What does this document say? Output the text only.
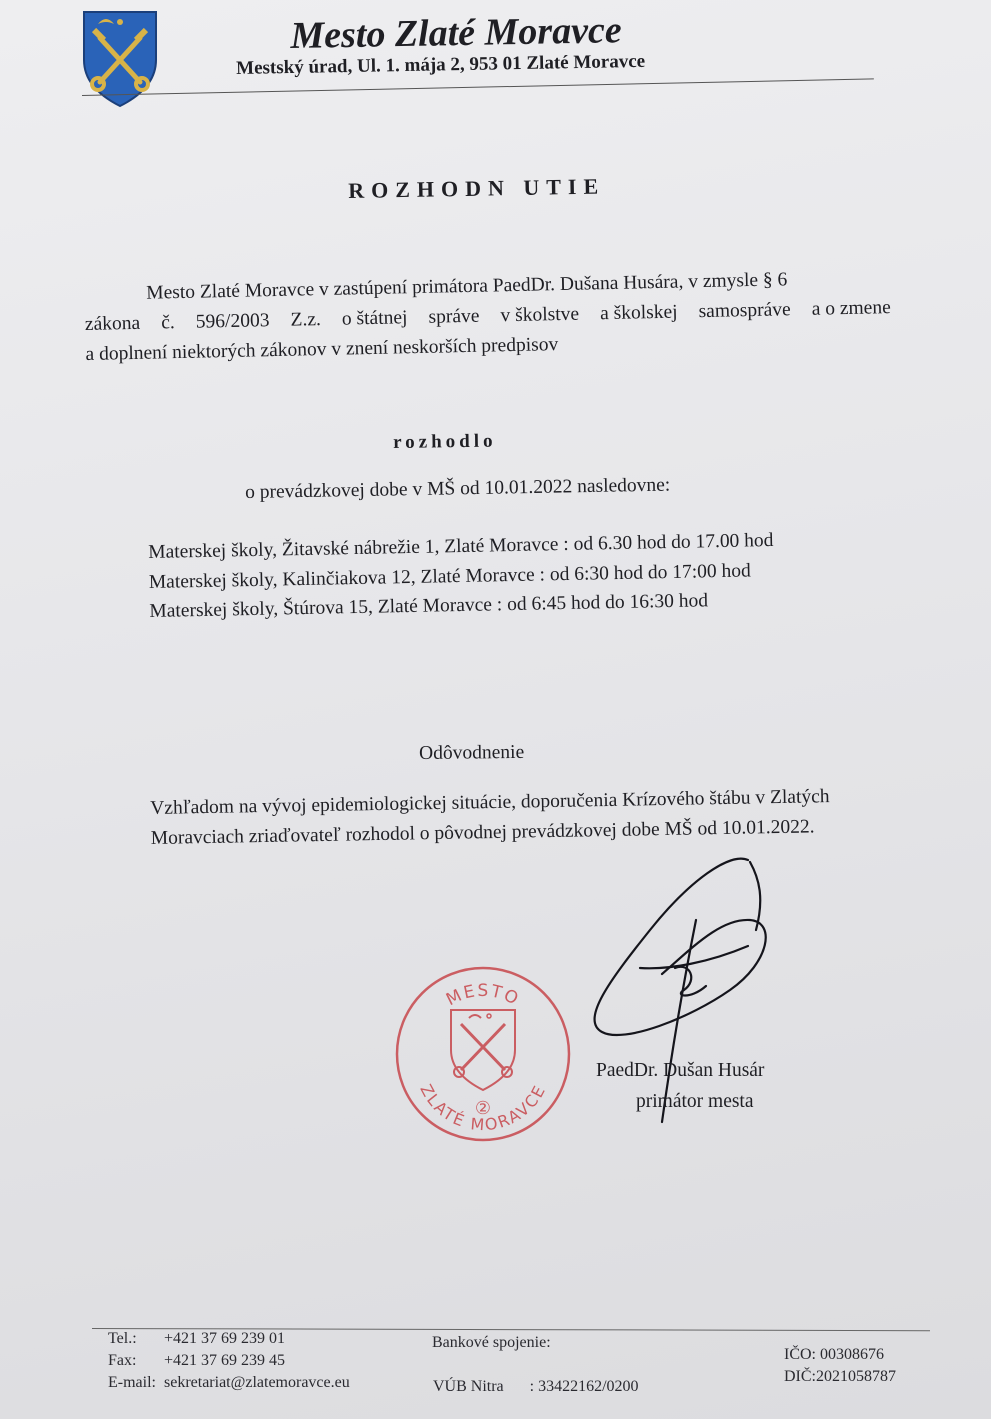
Mesto Zlaté Moravce
Mestský úrad, Ul. 1. mája 2, 953 01 Zlaté Moravce
ROZHODN UTIE

Mesto Zlaté Moravce v zastúpení primátora PaedDr. Dušana Husára, v zmysle § 6

zákona č. 596/2003 Z.z. o štátnej správe v školstve a školskej samospráve a o zmene

a doplnení niektorých zákonov v znení neskorších predpisov

rozhodlo
o prevádzkovej dobe v MŠ od 10.01.2022 nasledovne:
Materskej školy, Žitavské nábrežie 1, Zlaté Moravce : od 6.30 hod do 17.00 hod
Materskej školy, Kalinčiakova 12, Zlaté Moravce : od 6:30 hod do 17:00 hod
Materskej školy, Štúrova 15, Zlaté Moravce : od 6:45 hod do 16:30 hod
Odôvodnenie
Vzhľadom na vývoj epidemiologickej situácie, doporučenia Krízového štábu v Zlatých
Moravciach zriaďovateľ rozhodol o pôvodnej prevádzkovej dobe MŠ od 10.01.2022.
MESTO
ZLATÉ MORAVCE
②
PaedDr. Dušan Husár
primátor mesta
Tel.:	+421 37 69 239 01
Fax:	+421 37 69 239 45
E-mail:	sekretariat@zlatemoravce.eu
Bankové spojenie:
VÚB Nitra : 33422162/0200
IČO: 00308676
DIČ:2021058787
